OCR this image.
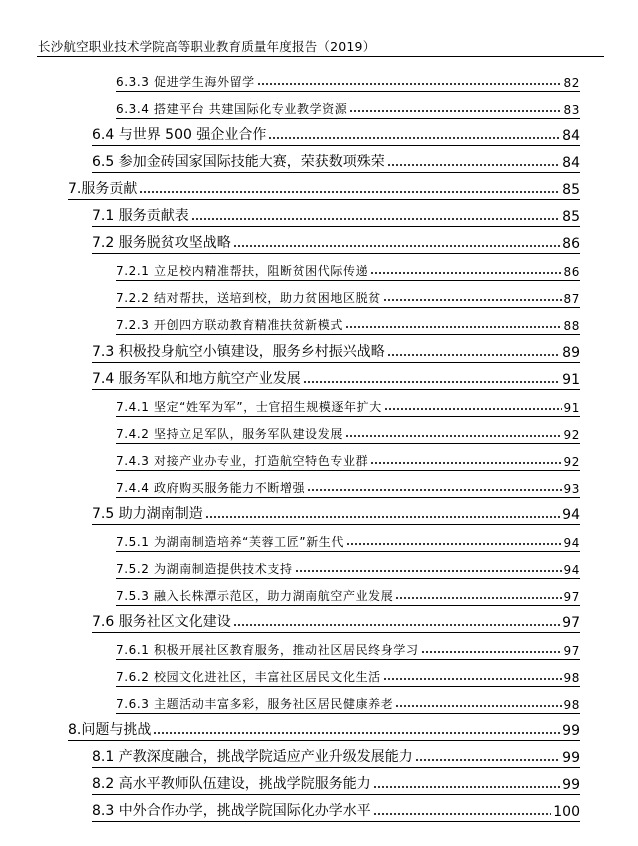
长沙航空职业技术学院高等职业教育质量年度报告（2019）
6.3.3 促进学生海外留学	82
6.3.4 搭建平台 共建国际化专业教学资源	83
6.4 与世界 500 强企业合作	84
6.5 参加金砖国家国际技能大赛，荣获数项殊荣	84
7.服务贡献	85
7.1 服务贡献表	85
7.2 服务脱贫攻坚战略	86
7.2.1 立足校内精准帮扶，阻断贫困代际传递	86
7.2.2 结对帮扶，送培到校，助力贫困地区脱贫	87
7.2.3 开创四方联动教育精准扶贫新模式	88
7.3 积极投身航空小镇建设，服务乡村振兴战略	89
7.4 服务军队和地方航空产业发展	91
7.4.1 坚定“姓军为军”，士官招生规模逐年扩大	91
7.4.2 坚持立足军队，服务军队建设发展	92
7.4.3 对接产业办专业，打造航空特色专业群	92
7.4.4 政府购买服务能力不断增强	93
7.5 助力湖南制造	94
7.5.1 为湖南制造培养“芙蓉工匠”新生代	94
7.5.2 为湖南制造提供技术支持	94
7.5.3 融入长株潭示范区，助力湖南航空产业发展	97
7.6 服务社区文化建设	97
7.6.1 积极开展社区教育服务，推动社区居民终身学习	97
7.6.2 校园文化进社区，丰富社区居民文化生活	98
7.6.3 主题活动丰富多彩，服务社区居民健康养老	98
8.问题与挑战	99
8.1 产教深度融合，挑战学院适应产业升级发展能力	99
8.2 高水平教师队伍建设，挑战学院服务能力	99
8.3 中外合作办学，挑战学院国际化办学水平	100
